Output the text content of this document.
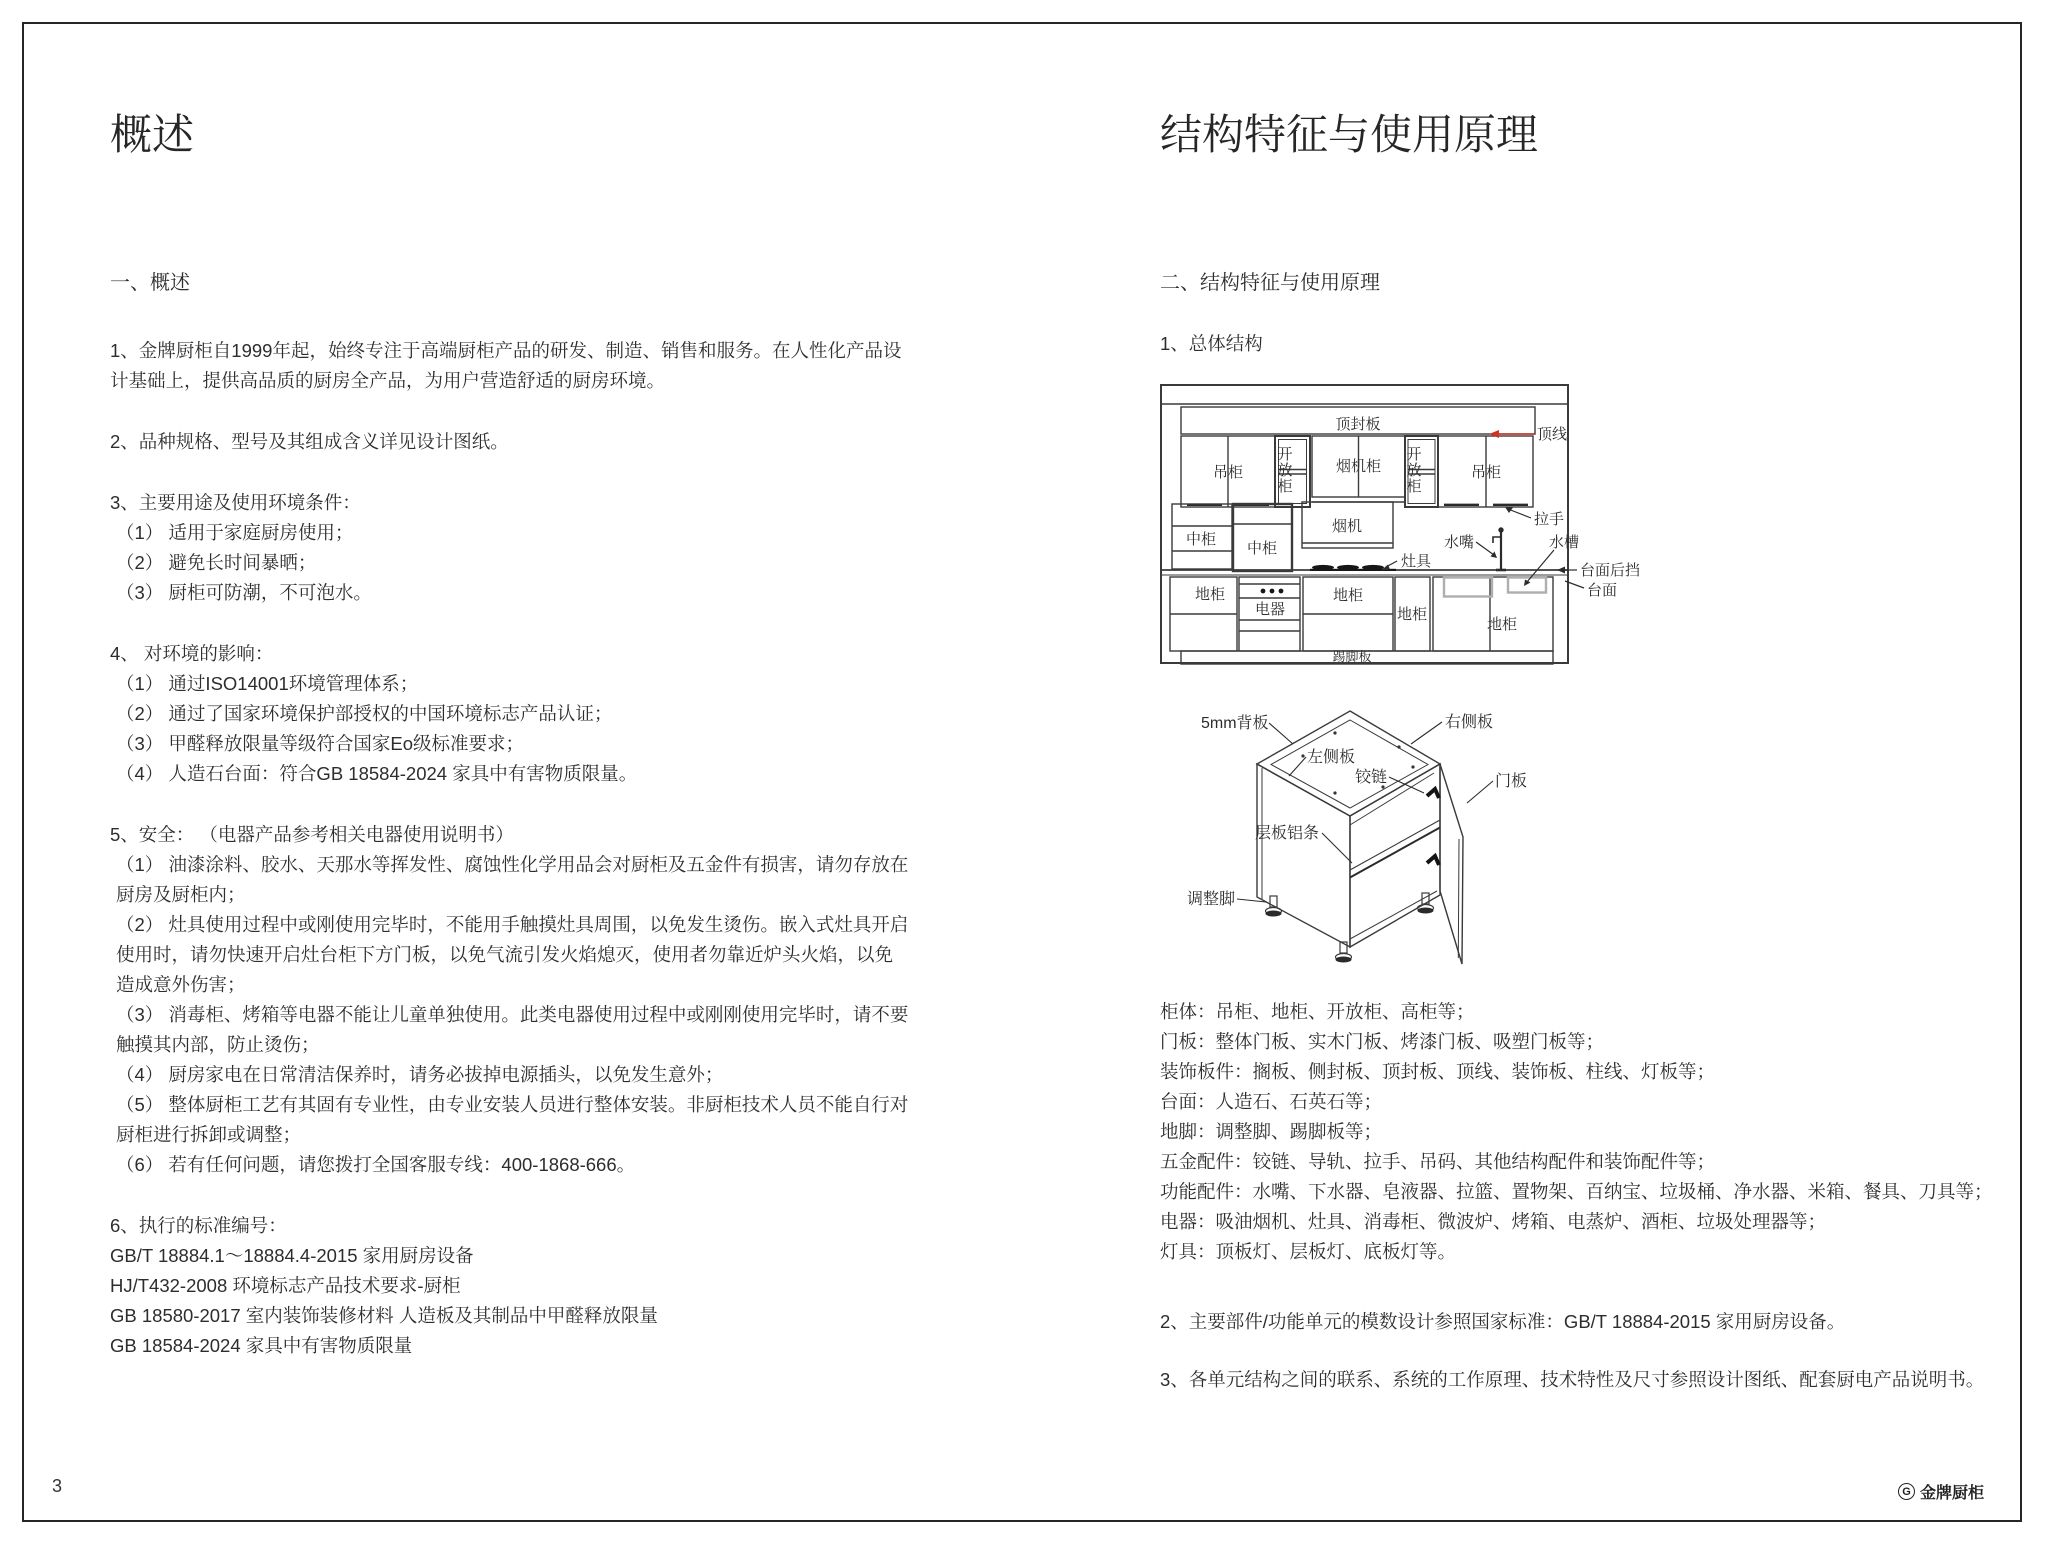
概述

一、概述

1、金牌厨柜自1999年起，始终专注于高端厨柜产品的研发、制造、销售和服务。在人性化产品设计基础上，提供高品质的厨房全产品，为用户营造舒适的厨房环境。

2、品种规格、型号及其组成含义详见设计图纸。

3、主要用途及使用环境条件：

（1） 适用于家庭厨房使用；

（2） 避免长时间暴晒；

（3） 厨柜可防潮，不可泡水。

4、 对环境的影响：

（1） 通过ISO14001环境管理体系；

（2） 通过了国家环境保护部授权的中国环境标志产品认证；

（3） 甲醛释放限量等级符合国家Eo级标准要求；

（4） 人造石台面：符合GB 18584-2024 家具中有害物质限量。

5、安全： （电器产品参考相关电器使用说明书）

（1） 油漆涂料、胶水、天那水等挥发性、腐蚀性化学用品会对厨柜及五金件有损害，请勿存放在厨房及厨柜内；

（2） 灶具使用过程中或刚使用完毕时，不能用手触摸灶具周围，以免发生烫伤。嵌入式灶具开启使用时，请勿快速开启灶台柜下方门板，以免气流引发火焰熄灭，使用者勿靠近炉头火焰，以免造成意外伤害；

（3） 消毒柜、烤箱等电器不能让儿童单独使用。此类电器使用过程中或刚刚使用完毕时，请不要触摸其内部，防止烫伤；

（4） 厨房家电在日常清洁保养时，请务必拔掉电源插头，以免发生意外；

（5） 整体厨柜工艺有其固有专业性，由专业安装人员进行整体安装。非厨柜技术人员不能自行对厨柜进行拆卸或调整；

（6） 若有任何问题，请您拨打全国客服专线：400-1868-666。

6、执行的标准编号：

GB/T 18884.1～18884.4-2015 家用厨房设备

HJ/T432-2008 环境标志产品技术要求-厨柜

GB 18580-2017 室内装饰装修材料 人造板及其制品中甲醛释放限量

GB 18584-2024 家具中有害物质限量

结构特征与使用原理

二、结构特征与使用原理

1、总体结构

顶封板
顶线
吊柜	吊柜
烟机柜
开放柜	开放柜
中柜
中柜
烟机	拉手
水嘴	水槽
灶具
台面后挡
台面
地柜	地柜
地柜
地柜
电器
踢脚板
5mm背板	右侧板
左侧板
铰链	门板
层板铝条
调整脚

柜体：吊柜、地柜、开放柜、高柜等；

门板：整体门板、实木门板、烤漆门板、吸塑门板等；

装饰板件：搁板、侧封板、顶封板、顶线、装饰板、柱线、灯板等；

台面：人造石、石英石等；

地脚：调整脚、踢脚板等；

五金配件：铰链、导轨、拉手、吊码、其他结构配件和装饰配件等；

功能配件：水嘴、下水器、皂液器、拉篮、置物架、百纳宝、垃圾桶、净水器、米箱、餐具、刀具等；

电器：吸油烟机、灶具、消毒柜、微波炉、烤箱、电蒸炉、酒柜、垃圾处理器等；

灯具：顶板灯、层板灯、底板灯等。

2、主要部件/功能单元的模数设计参照国家标准：GB/T 18884-2015 家用厨房设备。

3、各单元结构之间的联系、系统的工作原理、技术特性及尺寸参照设计图纸、配套厨电产品说明书。

3	G 金牌厨柜
